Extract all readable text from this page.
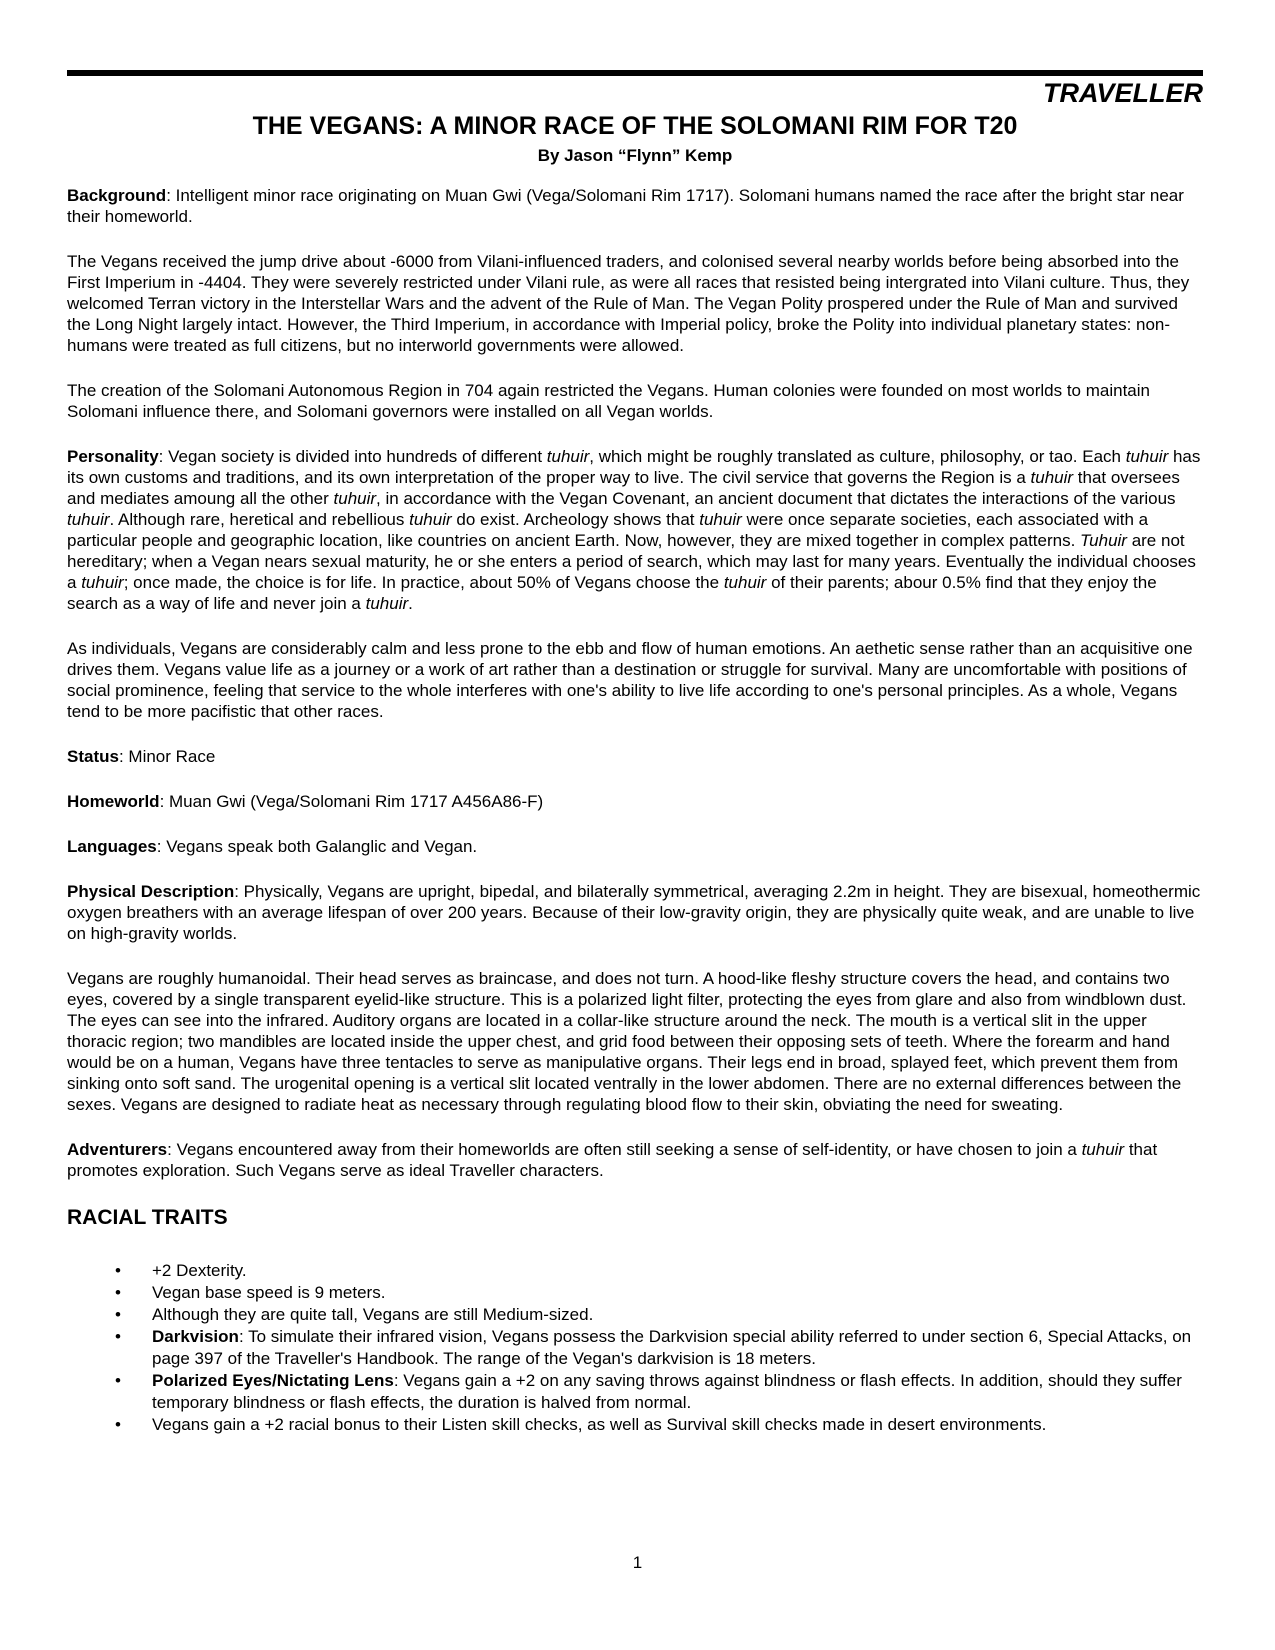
TRAVELLER
THE VEGANS: A MINOR RACE OF THE SOLOMANI RIM FOR T20
By Jason “Flynn” Kemp

Background: Intelligent minor race originating on Muan Gwi (Vega/Solomani Rim 1717). Solomani humans named the race after the bright star near their homeworld.

The Vegans received the jump drive about -6000 from Vilani-influenced traders, and colonised several nearby worlds before being absorbed into the First Imperium in -4404. They were severely restricted under Vilani rule, as were all races that resisted being intergrated into Vilani culture. Thus, they welcomed Terran victory in the Interstellar Wars and the advent of the Rule of Man. The Vegan Polity prospered under the Rule of Man and survived the Long Night largely intact. However, the Third Imperium, in accordance with Imperial policy, broke the Polity into individual planetary states: non-humans were treated as full citizens, but no interworld governments were allowed.

The creation of the Solomani Autonomous Region in 704 again restricted the Vegans. Human colonies were founded on most worlds to maintain Solomani influence there, and Solomani governors were installed on all Vegan worlds.

Personality: Vegan society is divided into hundreds of different tuhuir, which might be roughly translated as culture, philosophy, or tao. Each tuhuir has its own customs and traditions, and its own interpretation of the proper way to live. The civil service that governs the Region is a tuhuir that oversees and mediates amoung all the other tuhuir, in accordance with the Vegan Covenant, an ancient document that dictates the interactions of the various tuhuir. Although rare, heretical and rebellious tuhuir do exist. Archeology shows that tuhuir were once separate societies, each associated with a particular people and geographic location, like countries on ancient Earth. Now, however, they are mixed together in complex patterns. Tuhuir are not hereditary; when a Vegan nears sexual maturity, he or she enters a period of search, which may last for many years. Eventually the individual chooses a tuhuir; once made, the choice is for life. In practice, about 50% of Vegans choose the tuhuir of their parents; abour 0.5% find that they enjoy the search as a way of life and never join a tuhuir.

As individuals, Vegans are considerably calm and less prone to the ebb and flow of human emotions. An aethetic sense rather than an acquisitive one drives them. Vegans value life as a journey or a work of art rather than a destination or struggle for survival. Many are uncomfortable with positions of social prominence, feeling that service to the whole interferes with one's ability to live life according to one's personal principles. As a whole, Vegans tend to be more pacifistic that other races.

Status: Minor Race

Homeworld: Muan Gwi (Vega/Solomani Rim 1717 A456A86-F)

Languages: Vegans speak both Galanglic and Vegan.

Physical Description: Physically, Vegans are upright, bipedal, and bilaterally symmetrical, averaging 2.2m in height. They are bisexual, homeothermic oxygen breathers with an average lifespan of over 200 years. Because of their low-gravity origin, they are physically quite weak, and are unable to live on high-gravity worlds.

Vegans are roughly humanoidal. Their head serves as braincase, and does not turn. A hood-like fleshy structure covers the head, and contains two eyes, covered by a single transparent eyelid-like structure. This is a polarized light filter, protecting the eyes from glare and also from windblown dust. The eyes can see into the infrared. Auditory organs are located in a collar-like structure around the neck. The mouth is a vertical slit in the upper thoracic region; two mandibles are located inside the upper chest, and grid food between their opposing sets of teeth. Where the forearm and hand would be on a human, Vegans have three tentacles to serve as manipulative organs. Their legs end in broad, splayed feet, which prevent them from sinking onto soft sand. The urogenital opening is a vertical slit located ventrally in the lower abdomen. There are no external differences between the sexes. Vegans are designed to radiate heat as necessary through regulating blood flow to their skin, obviating the need for sweating.

Adventurers: Vegans encountered away from their homeworlds are often still seeking a sense of self-identity, or have chosen to join a tuhuir that promotes exploration. Such Vegans serve as ideal Traveller characters.

RACIAL TRAITS
• +2 Dexterity.
• Vegan base speed is 9 meters.
• Although they are quite tall, Vegans are still Medium-sized.
• Darkvision: To simulate their infrared vision, Vegans possess the Darkvision special ability referred to under section 6, Special Attacks, on page 397 of the Traveller's Handbook. The range of the Vegan's darkvision is 18 meters.
• Polarized Eyes/Nictating Lens: Vegans gain a +2 on any saving throws against blindness or flash effects. In addition, should they suffer temporary blindness or flash effects, the duration is halved from normal.
• Vegans gain a +2 racial bonus to their Listen skill checks, as well as Survival skill checks made in desert environments.
1
